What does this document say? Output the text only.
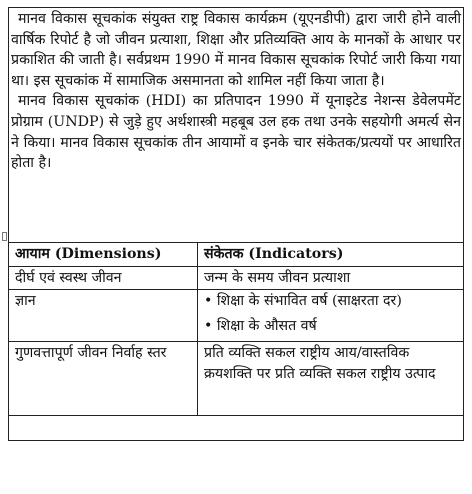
मानव विकास सूचकांक संयुक्त राष्ट्र विकास कार्यक्रम (यूएनडीपी) द्वारा जारी होने वाली वार्षिक रिपोर्ट है जो जीवन प्रत्याशा, शिक्षा और प्रतिव्यक्ति आय के मानकों के आधार पर प्रकाशित की जाती है। सर्वप्रथम 1990 में मानव विकास सूचकांक रिपोर्ट जारी किया गया था। इस सूचकांक में सामाजिक असमानता को शामिल नहीं किया जाता है।

मानव विकास सूचकांक (HDI) का प्रतिपादन 1990 में यूनाइटेड नेशन्स डेवेलपमेंट प्रोग्राम (UNDP) से जुड़े हुए अर्थशास्त्री महबूब उल हक तथा उनके सहयोगी अमर्त्य सेन ने किया। मानव विकास सूचकांक तीन आयामों व इनके चार संकेतक/प्रत्ययों पर आधारित होता है।

आयाम (Dimensions)	संकेतक (Indicators)
दीर्घ एवं स्वस्थ जीवन	जन्म के समय जीवन प्रत्याशा

ज्ञान	• शिक्षा के संभावित वर्ष (साक्षरता दर)
• शिक्षा के औसत वर्ष

गुणवत्तापूर्ण जीवन निर्वाह स्तर	प्रति व्यक्ति सकल राष्ट्रीय आय/वास्तविक क्रयशक्ति पर प्रति व्यक्ति सकल राष्ट्रीय उत्पाद
